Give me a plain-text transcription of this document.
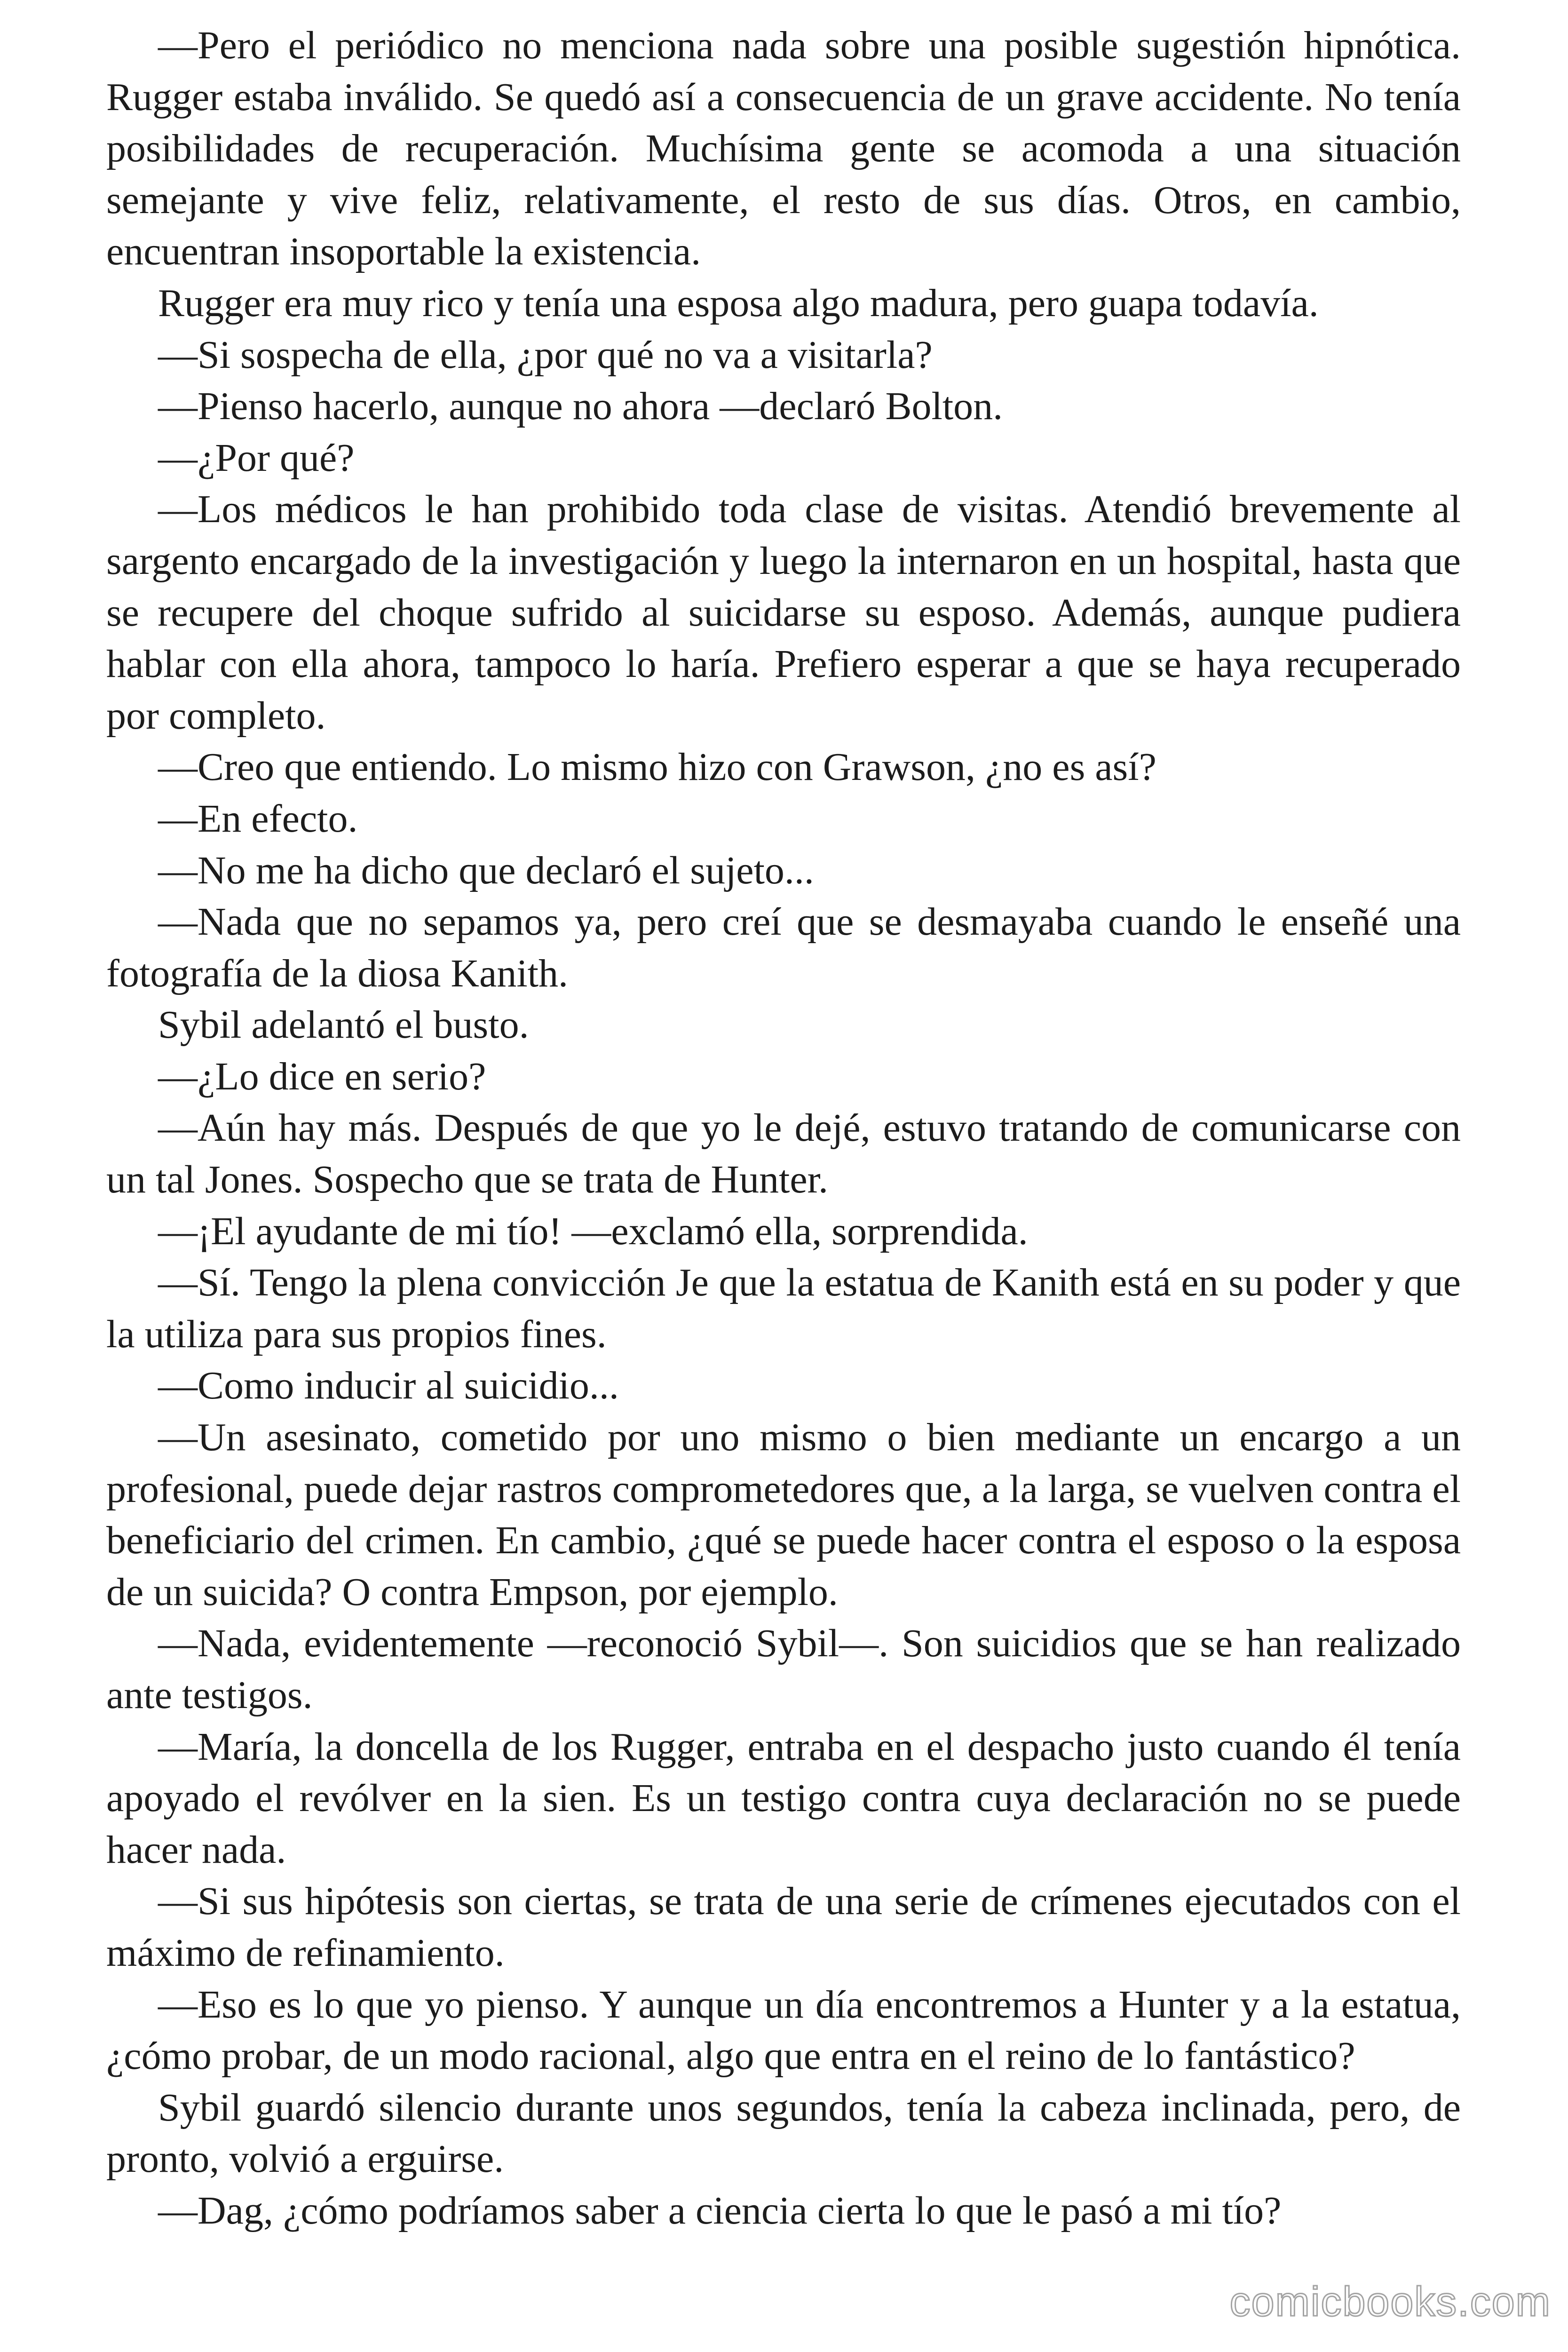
—Pero el periódico no menciona nada sobre una posible sugestión hipnótica. Rugger estaba inválido. Se quedó así a consecuencia de un grave accidente. No tenía posibilidades de recuperación. Muchísima gente se acomoda a una situación semejante y vive feliz, relativamente, el resto de sus días. Otros, en cambio, encuentran insoportable la existencia.

Rugger era muy rico y tenía una esposa algo madura, pero guapa todavía.

—Si sospecha de ella, ¿por qué no va a visitarla?

—Pienso hacerlo, aunque no ahora —declaró Bolton.

—¿Por qué?

—Los médicos le han prohibido toda clase de visitas. Atendió brevemente al sargento encargado de la investigación y luego la internaron en un hospital, hasta que se recupere del choque sufrido al suicidarse su esposo. Además, aunque pudiera hablar con ella ahora, tampoco lo haría. Prefiero esperar a que se haya recuperado por completo.

—Creo que entiendo. Lo mismo hizo con Grawson, ¿no es así?

—En efecto.

—No me ha dicho que declaró el sujeto...

—Nada que no sepamos ya, pero creí que se desmayaba cuando le enseñé una fotografía de la diosa Kanith.

Sybil adelantó el busto.

—¿Lo dice en serio?

—Aún hay más. Después de que yo le dejé, estuvo tratando de comunicarse con un tal Jones. Sospecho que se trata de Hunter.

—¡El ayudante de mi tío! —exclamó ella, sorprendida.

—Sí. Tengo la plena convicción Je que la estatua de Kanith está en su poder y que la utiliza para sus propios fines.

—Como inducir al suicidio...

—Un asesinato, cometido por uno mismo o bien mediante un encargo a un profesional, puede dejar rastros comprometedores que, a la larga, se vuelven contra el beneficiario del crimen. En cambio, ¿qué se puede hacer contra el esposo o la esposa de un suicida? O contra Empson, por ejemplo.

—Nada, evidentemente —reconoció Sybil—. Son suicidios que se han realizado ante testigos.

—María, la doncella de los Rugger, entraba en el despacho justo cuando él tenía apoyado el revólver en la sien. Es un testigo contra cuya declaración no se puede hacer nada.

—Si sus hipótesis son ciertas, se trata de una serie de crímenes ejecutados con el máximo de refinamiento.

—Eso es lo que yo pienso. Y aunque un día encontremos a Hunter y a la estatua, ¿cómo probar, de un modo racional, algo que entra en el reino de lo fantástico?

Sybil guardó silencio durante unos segundos, tenía la cabeza inclinada, pero, de pronto, volvió a erguirse.

—Dag, ¿cómo podríamos saber a ciencia cierta lo que le pasó a mi tío?

comicbooks.com
